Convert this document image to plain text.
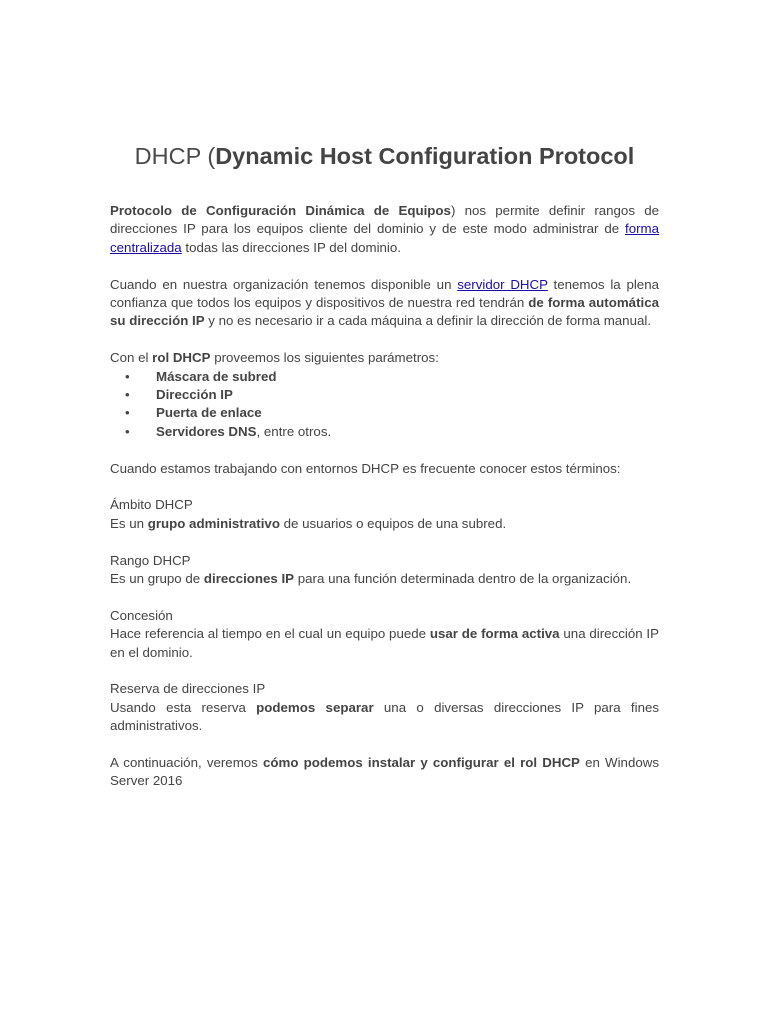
DHCP (Dynamic Host Configuration Protocol

Protocolo de Configuración Dinámica de Equipos) nos permite definir rangos de direcciones IP para los equipos cliente del dominio y de este modo administrar de forma centralizada todas las direcciones IP del dominio.

Cuando en nuestra organización tenemos disponible un servidor DHCP tenemos la plena confianza que todos los equipos y dispositivos de nuestra red tendrán de forma automática su dirección IP y no es necesario ir a cada máquina a definir la dirección de forma manual.

Con el rol DHCP proveemos los siguientes parámetros:

• Máscara de subred
• Dirección IP
• Puerta de enlace
• Servidores DNS, entre otros.

Cuando estamos trabajando con entornos DHCP es frecuente conocer estos términos:

Ámbito DHCP
Es un grupo administrativo de usuarios o equipos de una subred.
Rango DHCP
Es un grupo de direcciones IP para una función determinada dentro de la organización.
Concesión
Hace referencia al tiempo en el cual un equipo puede usar de forma activa una dirección IP en el dominio.
Reserva de direcciones IP
Usando esta reserva podemos separar una o diversas direcciones IP para fines administrativos.

A continuación, veremos cómo podemos instalar y configurar el rol DHCP en Windows Server 2016
